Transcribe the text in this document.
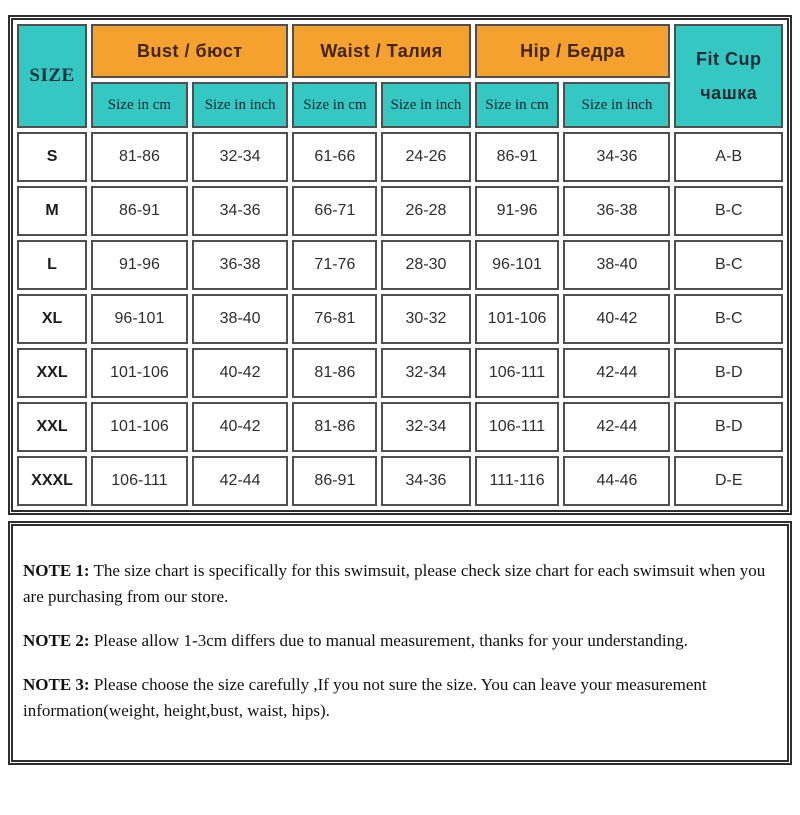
SIZE	Bust / бюст		Waist / Талия		Hip / Бедра		Fit Cup
чашка

	Size in cm	Size in inch	Size in cm	Size in inch	Size in cm	Size in inch	
S	81-86	32-34	61-66	24-26	86-91	34-36	A-B
M	86-91	34-36	66-71	26-28	91-96	36-38	B-C
L	91-96	36-38	71-76	28-30	96-101	38-40	B-C
XL	96-101	38-40	76-81	30-32	101-106	40-42	B-C
XXL	101-106	40-42	81-86	32-34	106-111	42-44	B-D
XXL	101-106	40-42	81-86	32-34	106-111	42-44	B-D
XXXL	106-111	42-44	86-91	34-36	111-116	44-46	D-E

NOTE 1: The size chart is specifically for this swimsuit, please check size chart for each swimsuit when you are purchasing from our store.

NOTE 2: Please allow 1-3cm differs due to manual measurement, thanks for your understanding.

NOTE 3: Please choose the size carefully ,If you not sure the size. You can leave your measurement information(weight, height,bust, waist, hips).
